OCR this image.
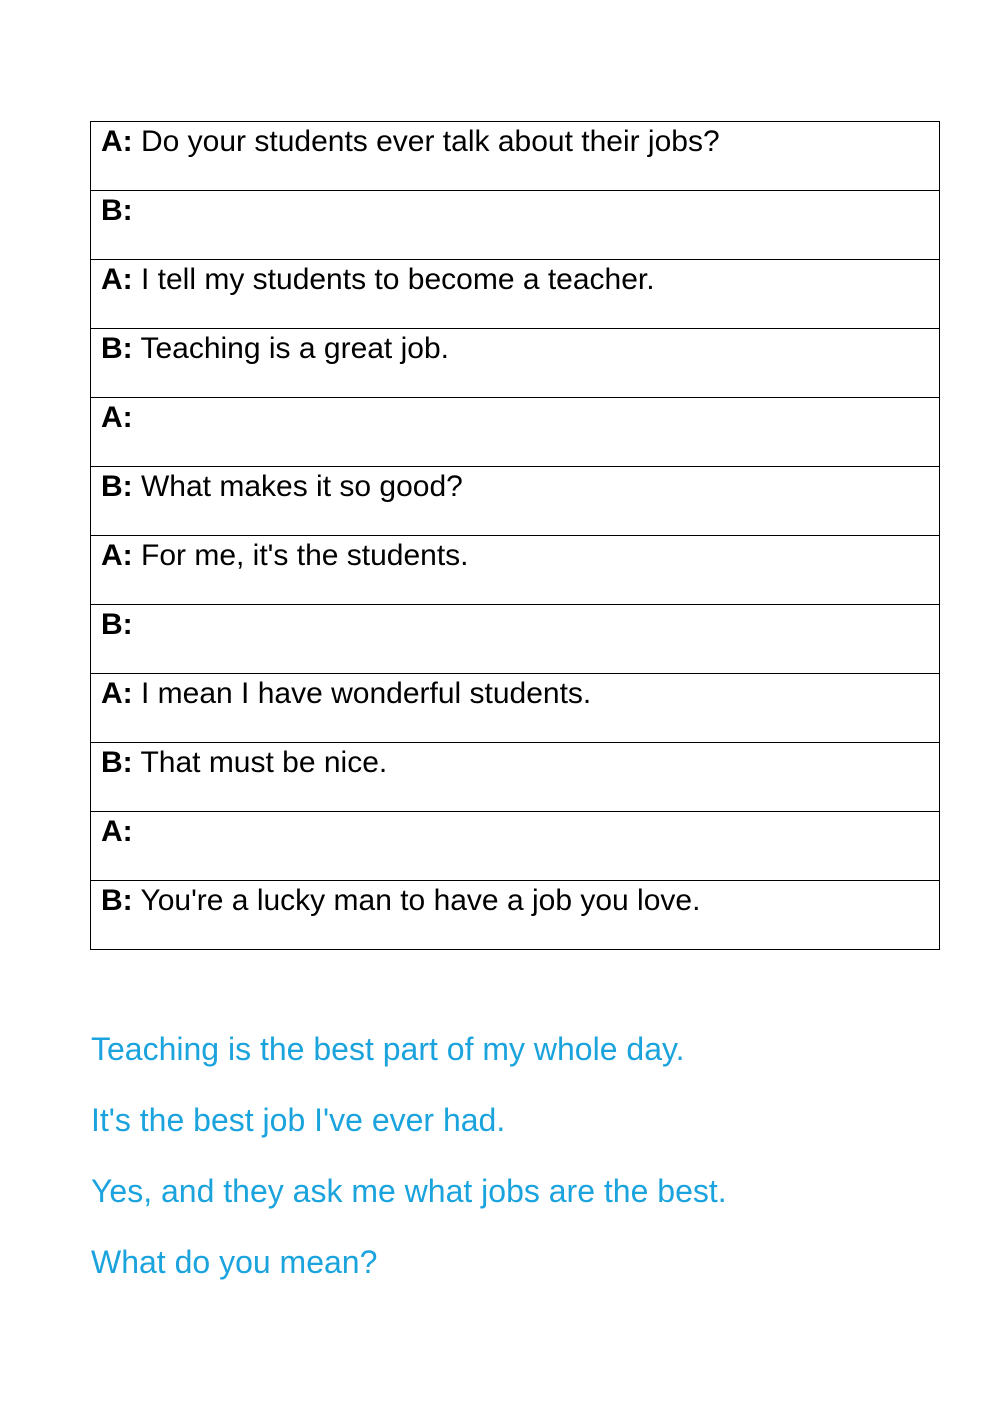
A: Do your students ever talk about their jobs?

B:

A: I tell my students to become a teacher.

B: Teaching is a great job.

A:

B: What makes it so good?

A: For me, it's the students.

B:

A: I mean I have wonderful students.

B: That must be nice.

A:

B: You're a lucky man to have a job you love.
Teaching is the best part of my whole day.
It's the best job I've ever had.
Yes, and they ask me what jobs are the best.
What do you mean?
